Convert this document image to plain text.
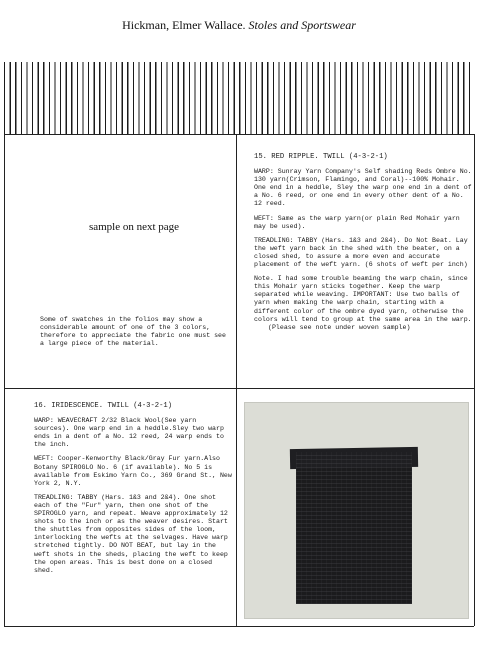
Hickman, Elmer Wallace. Stoles and Sportswear
sample on next page

Some of swatches in the folios may show a considerable amount of one of the 3 colors, therefore to appreciate the fabric one must see a large piece of the material.

15. RED RIPPLE. TWILL (4-3-2-1)

WARP: Sunray Yarn Company's Self shading Reds Ombre No. 130 yarn(Crimson, Flamingo, and Coral)--100% Mohair. One end in a heddle, Sley the warp one end in a dent of a No. 6 reed, or one end in every other dent of a No. 12 reed.

WEFT: Same as the warp yarn(or plain Red Mohair yarn may be used).

TREADLING: TABBY (Hars. 1&3 and 2&4). Do Not Beat. Lay the weft yarn back in the shed with the beater, on a closed shed, to assure a more even and accurate placement of the weft yarn. (6 shots of weft per inch)

Note. I had some trouble beaming the warp chain, since this Mohair yarn sticks together. Keep the warp separated while weaving. IMPORTANT: Use two balls of yarn when making the warp chain, starting with a different color of the ombre dyed yarn, otherwise the colors will tend to group at the same area in the warp.

(Please see note under woven sample)

16. IRIDESCENCE. TWILL (4-3-2-1)

WARP: WEAVECRAFT 2/32 Black Wool(See yarn sources). One warp end in a heddle.Sley two warp ends in a dent of a No. 12 reed, 24 warp ends to the inch.

WEFT: Cooper-Kenworthy Black/Gray Fur yarn.Also Botany SPIROGLO No. 6 (if available). No 5 is available from Eskimo Yarn Co., 369 Grand St., New York 2, N.Y.

TREADLING: TABBY (Hars. 1&3 and 2&4). One shot each of the "Fur" yarn, then one shot of the SPIROGLO yarn, and repeat. Weave approximately 12 shots to the inch or as the weaver desires. Start the shuttles from opposites sides of the loom, interlocking the wefts at the selvages. Have warp stretched tightly. DO NOT BEAT, but lay in the weft shots in the sheds, placing the weft to keep the open areas. This is best done on a closed shed.
